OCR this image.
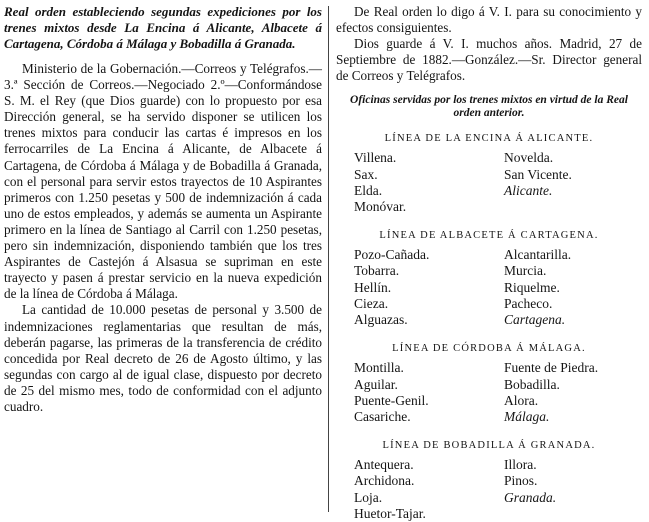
Real orden estableciendo segundas expediciones por los trenes mixtos desde La Encina á Alicante, Albacete á Cartagena, Córdoba á Málaga y Bobadilla á Granada.

Ministerio de la Gobernación.—Correos y Telégrafos.—3.ª Sección de Correos.—Negociado 2.º—Conformándose S. M. el Rey (que Dios guarde) con lo propuesto por esa Dirección general, se ha servido disponer se utilicen los trenes mixtos para conducir las cartas é impresos en los ferrocarriles de La Encina á Alicante, de Albacete á Cartagena, de Córdoba á Málaga y de Bobadilla á Granada, con el personal para servir estos trayectos de 10 Aspirantes primeros con 1.250 pesetas y 500 de indemnización á cada uno de estos empleados, y además se aumenta un Aspirante primero en la línea de Santiago al Carril con 1.250 pesetas, pero sin indemnización, disponiendo también que los tres Aspirantes de Castejón á Alsasua se supriman en este trayecto y pasen á prestar servicio en la nueva expedición de la línea de Córdoba á Málaga.

La cantidad de 10.000 pesetas de personal y 3.500 de indemnizaciones reglamentarias que resultan de más, deberán pagarse, las primeras de la transferencia de crédito concedida por Real decreto de 26 de Agosto último, y las segundas con cargo al de igual clase, dispuesto por decreto de 25 del mismo mes, todo de conformidad con el adjunto cuadro.

De Real orden lo digo á V. I. para su conocimiento y efectos consiguientes.

Dios guarde á V. I. muchos años. Madrid, 27 de Septiembre de 1882.—González.—Sr. Director general de Correos y Telégrafos.

Oficinas servidas por los trenes mixtos en virtud de la Real orden anterior.

LÍNEA DE LA ENCINA Á ALICANTE.
Villena.	Novelda.
Sax.	San Vicente.
Elda.	Alicante.
Monóvar.
LÍNEA DE ALBACETE Á CARTAGENA.
Pozo-Cañada.	Alcantarilla.
Tobarra.	Murcia.
Hellín.	Riquelme.
Cieza.	Pacheco.
Alguazas.	Cartagena.
LÍNEA DE CÓRDOBA Á MÁLAGA.
Montilla.	Fuente de Piedra.
Aguilar.	Bobadilla.
Puente-Genil.	Alora.
Casariche.	Málaga.
LÍNEA DE BOBADILLA Á GRANADA.
Antequera.	Illora.
Archidona.	Pinos.
Loja.	Granada.
Huetor-Tajar.
